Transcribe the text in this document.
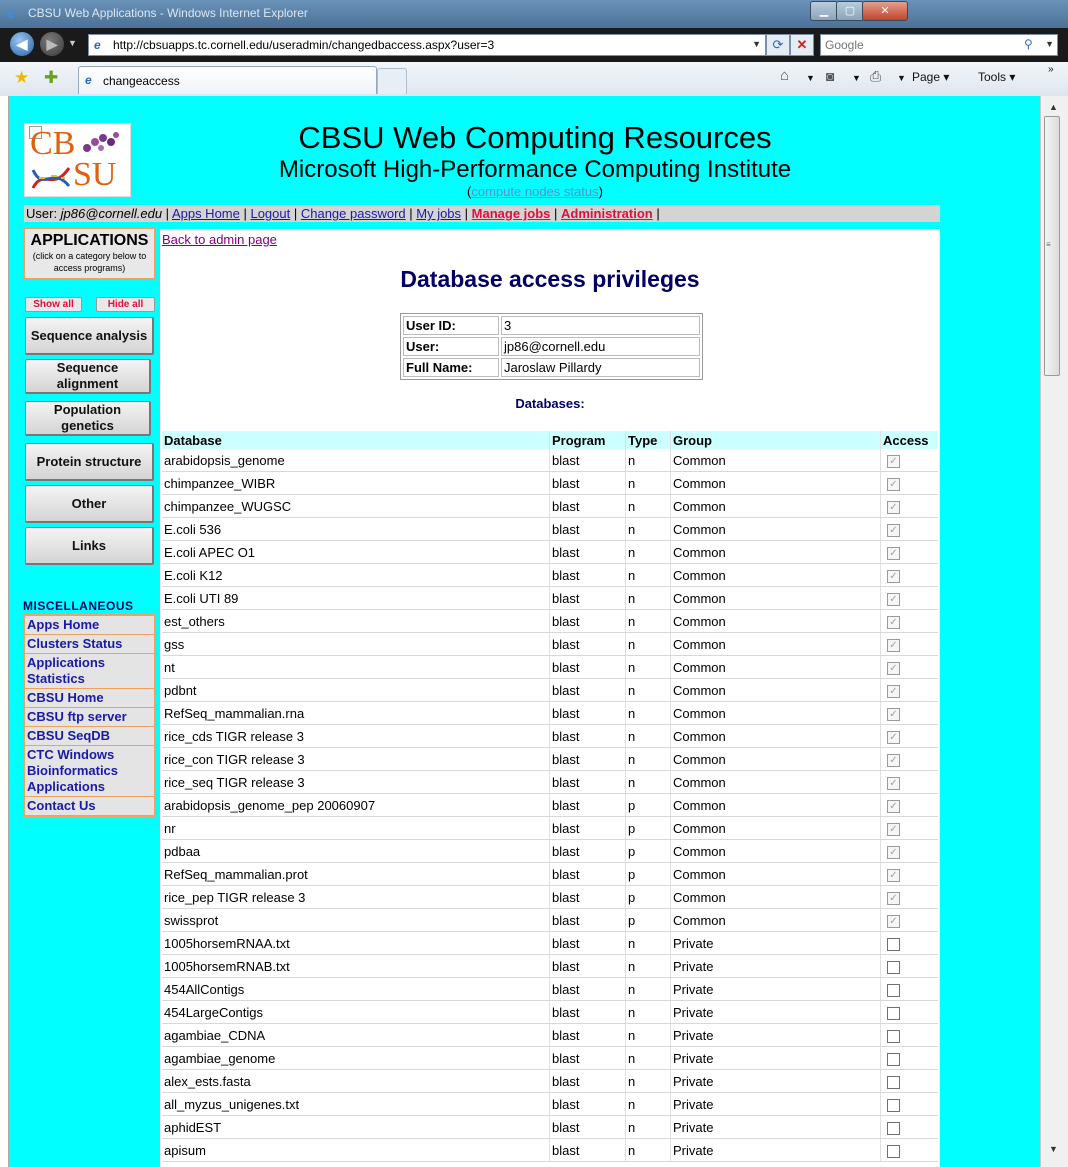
e	CBSU Web Applications - Windows Internet Explorer	▁	▢	✕
◀	▶	▼ e http://cbsuapps.tc.cornell.edu/useradmin/changedbaccess.aspx?user=3	▼ ⟳	✕
Google	⚲ ▼
★ ✚ e changeaccess	⌂ ▼ ◙ ▼ ⎙ ▼ Page ▾ Tools ▾
»
CB
SU
CBSU Web Computing Resources
Microsoft High-Performance Computing Institute
(compute nodes status)
User: jp86@cornell.edu | Apps Home | Logout | Change password | My jobs | Manage jobs | Administration |
APPLICATIONS
(click on a category below to access programs)
Show all	Hide all
Sequence analysis
Sequence alignment
Population genetics
Protein structure
Other
Links
MISCELLANEOUS
Apps Home
Clusters Status
Applications Statistics
CBSU Home
CBSU ftp server
CBSU SeqDB
CTC Windows Bioinformatics Applications
Contact Us
Back to admin page
Database access privileges
User ID:	3
User:	jp86@cornell.edu
Full Name:	Jaroslaw Pillardy
Databases:
Database	Program	Type	Group	Access
arabidopsis_genome	blast	n	Common	✓
chimpanzee_WIBR	blast	n	Common	✓
chimpanzee_WUGSC	blast	n	Common	✓
E.coli 536	blast	n	Common	✓
E.coli APEC O1	blast	n	Common	✓
E.coli K12	blast	n	Common	✓
E.coli UTI 89	blast	n	Common	✓
est_others	blast	n	Common	✓
gss	blast	n	Common	✓
nt	blast	n	Common	✓
pdbnt	blast	n	Common	✓
RefSeq_mammalian.rna	blast	n	Common	✓
rice_cds TIGR release 3	blast	n	Common	✓
rice_con TIGR release 3	blast	n	Common	✓
rice_seq TIGR release 3	blast	n	Common	✓
arabidopsis_genome_pep 20060907	blast	p	Common	✓
nr	blast	p	Common	✓
pdbaa	blast	p	Common	✓
RefSeq_mammalian.prot	blast	p	Common	✓
rice_pep TIGR release 3	blast	p	Common	✓
swissprot	blast	p	Common	✓
1005horsemRNAA.txt	blast	n	Private	
1005horsemRNAB.txt	blast	n	Private	
454AllContigs	blast	n	Private	
454LargeContigs	blast	n	Private	
agambiae_CDNA	blast	n	Private	
agambiae_genome	blast	n	Private	
alex_ests.fasta	blast	n	Private	
all_myzus_unigenes.txt	blast	n	Private	
aphidEST	blast	n	Private	
apisum	blast	n	Private	
▲
≡
▼
